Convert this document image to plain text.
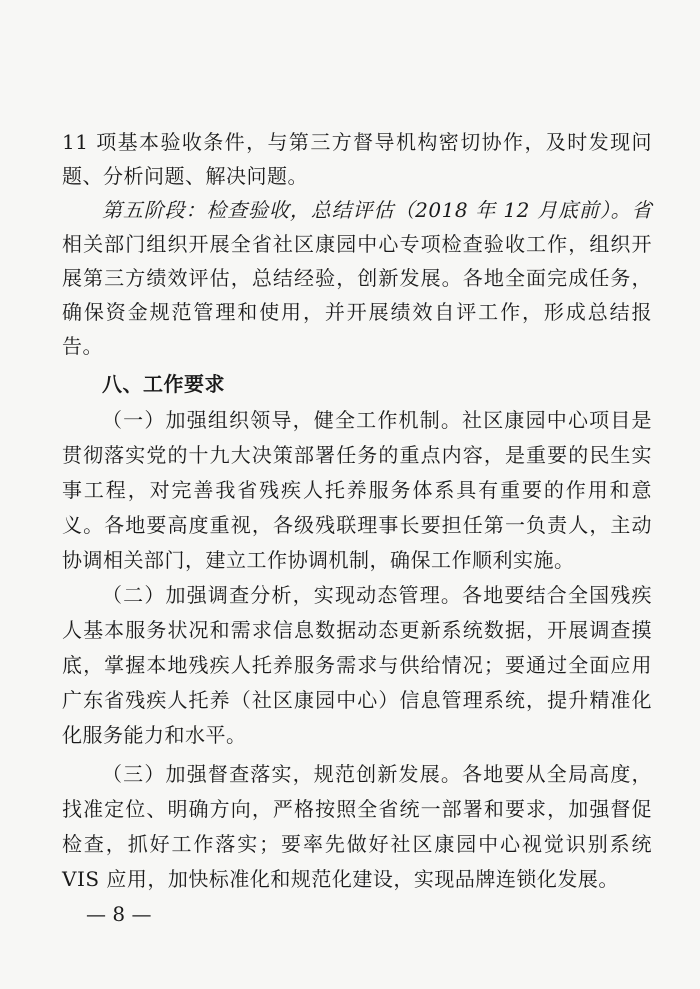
11 项基本验收条件，与第三方督导机构密切协作，及时发现问
题、分析问题、解决问题。
第五阶段：检查验收，总结评估（2018 年 12 月底前）。省
相关部门组织开展全省社区康园中心专项检查验收工作，组织开
展第三方绩效评估，总结经验，创新发展。各地全面完成任务，
确保资金规范管理和使用，并开展绩效自评工作，形成总结报
告。
八、工作要求
（一）加强组织领导，健全工作机制。社区康园中心项目是
贯彻落实党的十九大决策部署任务的重点内容，是重要的民生实
事工程，对完善我省残疾人托养服务体系具有重要的作用和意
义。各地要高度重视，各级残联理事长要担任第一负责人，主动
协调相关部门，建立工作协调机制，确保工作顺利实施。
（二）加强调查分析，实现动态管理。各地要结合全国残疾
人基本服务状况和需求信息数据动态更新系统数据，开展调查摸
底，掌握本地残疾人托养服务需求与供给情况；要通过全面应用
广东省残疾人托养（社区康园中心）信息管理系统，提升精准化
化服务能力和水平。
（三）加强督查落实，规范创新发展。各地要从全局高度，
找准定位、明确方向，严格按照全省统一部署和要求，加强督促
检查，抓好工作落实；要率先做好社区康园中心视觉识别系统
VIS 应用，加快标准化和规范化建设，实现品牌连锁化发展。
— 8 —
